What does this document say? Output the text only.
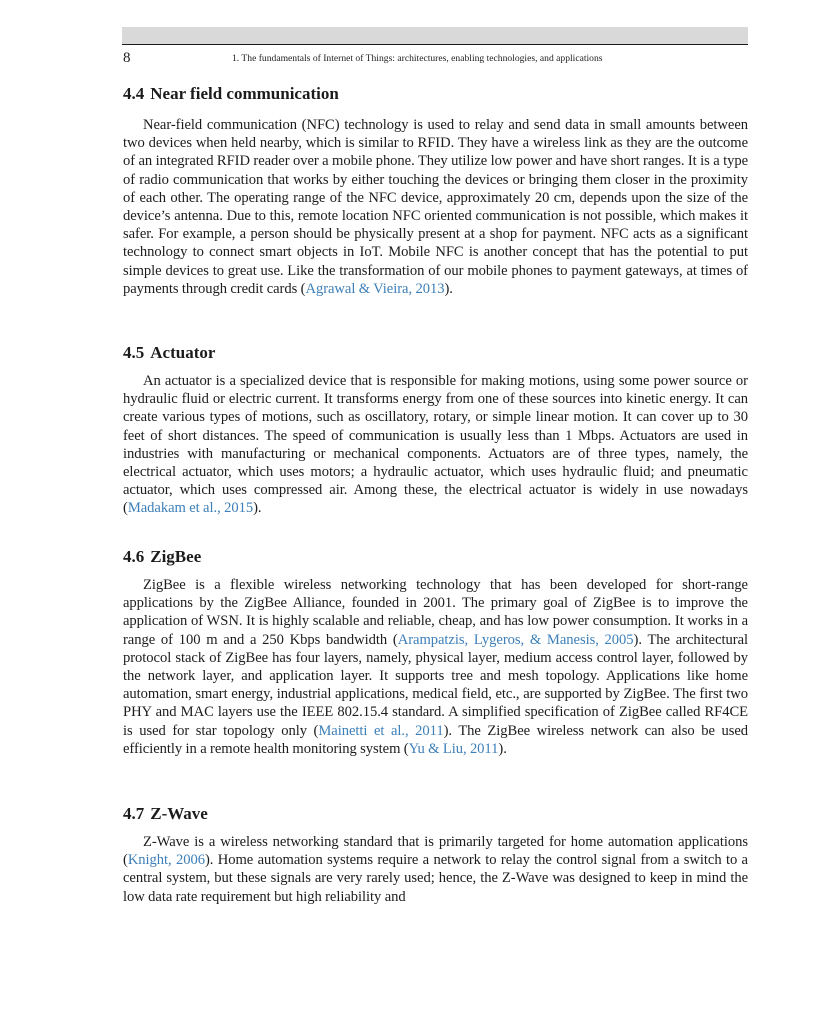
8	1. The fundamentals of Internet of Things: architectures, enabling technologies, and applications
4.4 Near field communication

Near-field communication (NFC) technology is used to relay and send data in small amounts between two devices when held nearby, which is similar to RFID. They have a wireless link as they are the outcome of an integrated RFID reader over a mobile phone. They utilize low power and have short ranges. It is a type of radio communication that works by either touching the devices or bringing them closer in the proximity of each other. The operating range of the NFC device, approximately 20 cm, depends upon the size of the device’s antenna. Due to this, remote location NFC oriented communication is not possible, which makes it safer. For example, a person should be physically present at a shop for payment. NFC acts as a significant technology to connect smart objects in IoT. Mobile NFC is another concept that has the potential to put simple devices to great use. Like the transformation of our mobile phones to payment gateways, at times of payments through credit cards (Agrawal & Vieira, 2013).

4.5 Actuator

An actuator is a specialized device that is responsible for making motions, using some power source or hydraulic fluid or electric current. It transforms energy from one of these sources into kinetic energy. It can create various types of motions, such as oscillatory, rotary, or simple linear motion. It can cover up to 30 feet of short distances. The speed of communication is usually less than 1 Mbps. Actuators are used in industries with manufacturing or mechanical components. Actuators are of three types, namely, the electrical actuator, which uses motors; a hydraulic actuator, which uses hydraulic fluid; and pneumatic actuator, which uses compressed air. Among these, the electrical actuator is widely in use nowadays (Madakam et al., 2015).

4.6 ZigBee

ZigBee is a flexible wireless networking technology that has been developed for short-range applications by the ZigBee Alliance, founded in 2001. The primary goal of ZigBee is to improve the application of WSN. It is highly scalable and reliable, cheap, and has low power consumption. It works in a range of 100 m and a 250 Kbps bandwidth (Arampatzis, Lygeros, & Manesis, 2005). The architectural protocol stack of ZigBee has four layers, namely, physical layer, medium access control layer, followed by the network layer, and application layer. It supports tree and mesh topology. Applications like home automation, smart energy, industrial applications, medical field, etc., are supported by ZigBee. The first two PHY and MAC layers use the IEEE 802.15.4 standard. A simplified specification of ZigBee called RF4CE is used for star topology only (Mainetti et al., 2011). The ZigBee wireless network can also be used efficiently in a remote health monitoring system (Yu & Liu, 2011).

4.7 Z-Wave

Z-Wave is a wireless networking standard that is primarily targeted for home automation applications (Knight, 2006). Home automation systems require a network to relay the control signal from a switch to a central system, but these signals are very rarely used; hence, the Z-Wave was designed to keep in mind the low data rate requirement but high reliability and
